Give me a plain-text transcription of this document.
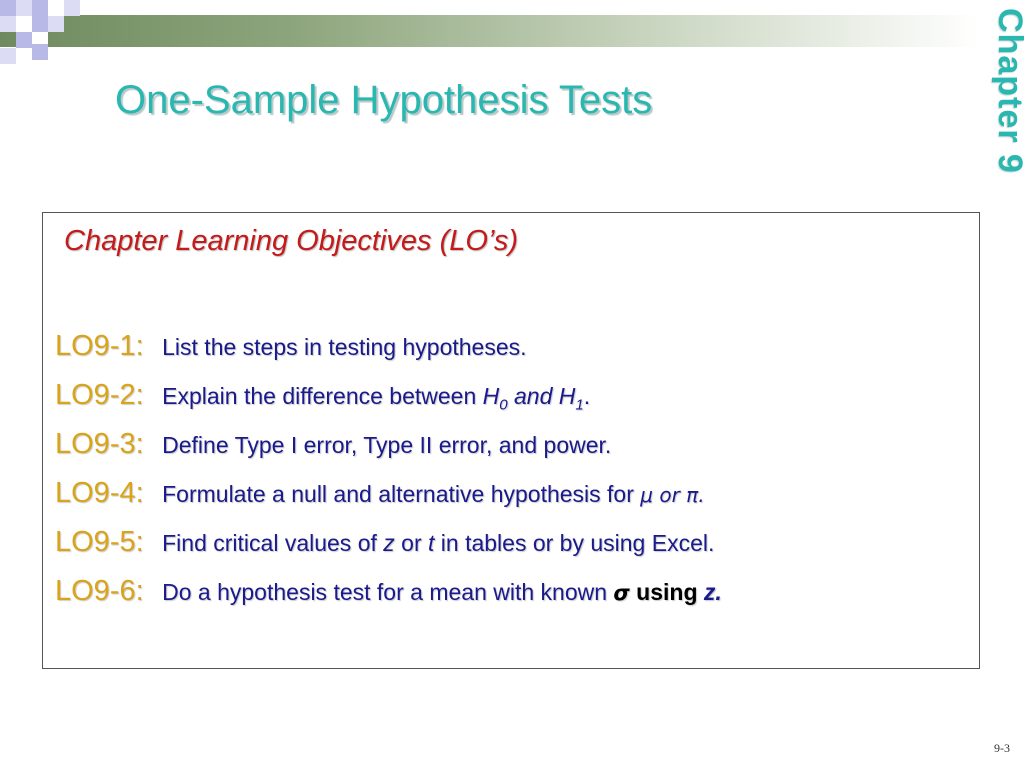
One-Sample Hypothesis Tests	Chapter 9
Chapter Learning Objectives (LO’s)
LO9-1: List the steps in testing hypotheses.
LO9-2: Explain the difference between $H_0$ and $H_1$.
LO9-3: Define Type I error, Type II error, and power.
LO9-4: Formulate a null and alternative hypothesis for μ or π.
LO9-5: Find critical values of z or t in tables or by using Excel.
LO9-6: Do a hypothesis test for a mean with known σ using z.
9-3
